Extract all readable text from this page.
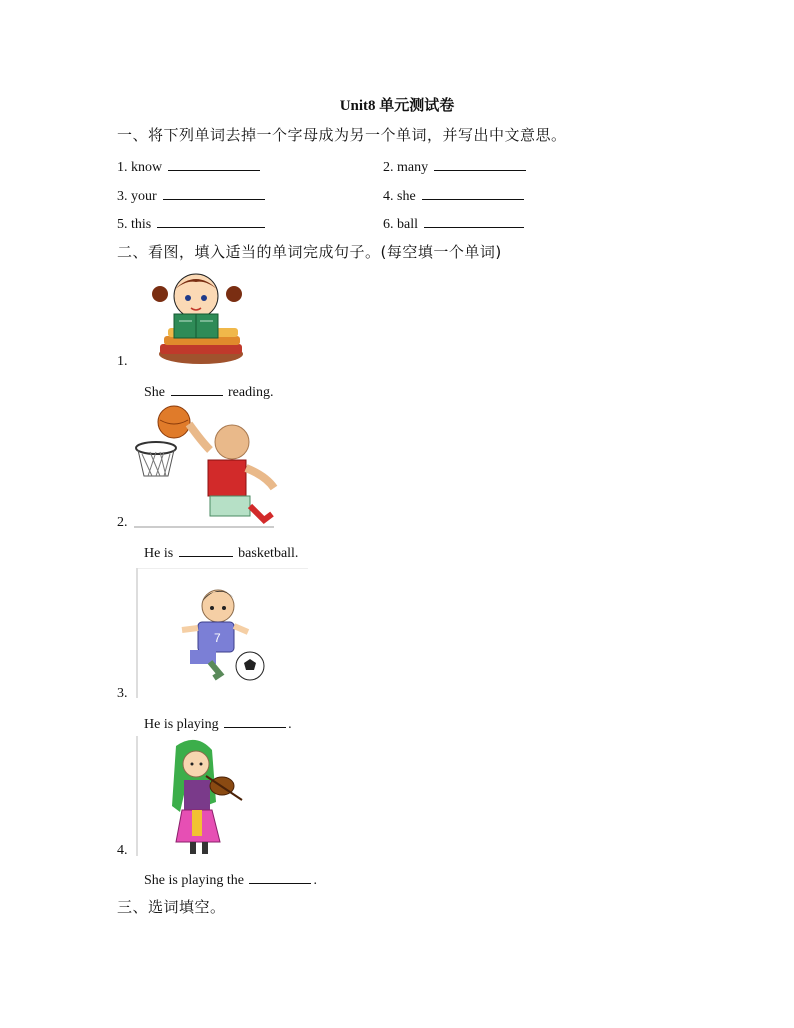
Unit8 单元测试卷
一、将下列单词去掉一个字母成为另一个单词，并写出中文意思。
1. know	2. many
3. your	4. she
5. this	6. ball
二、看图，填入适当的单词完成句子。(每空填一个单词)
1.
She	reading.
2.
He is	basketball.
7
3.
He is playing	.
4.
She is playing the	.
三、选词填空。
